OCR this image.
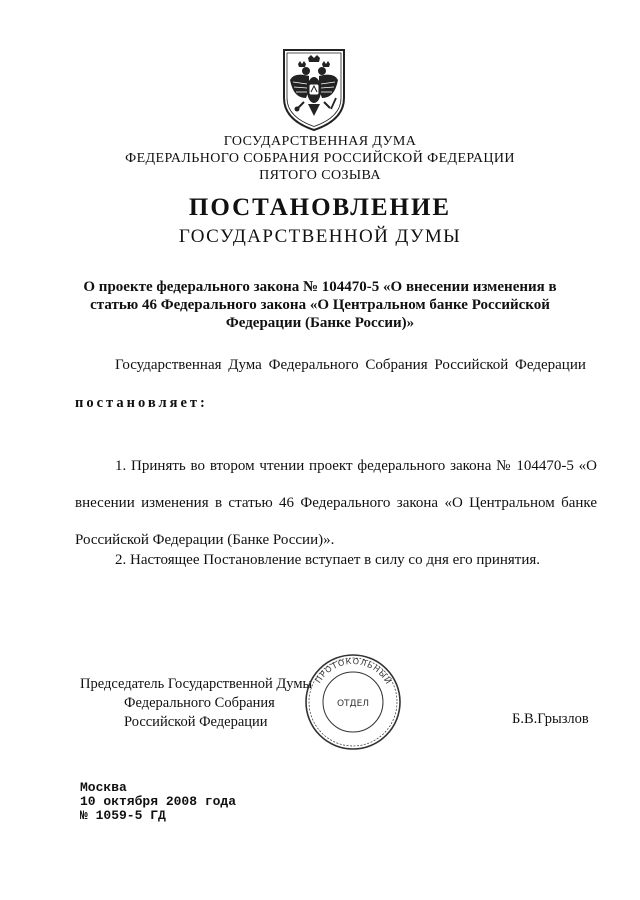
ГОСУДАРСТВЕННАЯ ДУМА
ФЕДЕРАЛЬНОГО СОБРАНИЯ РОССИЙСКОЙ ФЕДЕРАЦИИ
ПЯТОГО СОЗЫВА
ПОСТАНОВЛЕНИЕ
ГОСУДАРСТВЕННОЙ ДУМЫ
О проекте федерального закона № 104470-5 «О внесении изменения в статью 46 Федерального закона «О Центральном банке Российской Федерации (Банке России)»
Государственная Дума Федерального Собрания Российской Федерации
постановляет:
1. Принять во втором чтении проект федерального закона № 104470-5 «О внесении изменения в статью 46 Федерального закона «О Центральном банке Российской Федерации (Банке России)».
2. Настоящее Постановление вступает в силу со дня его принятия.
Председатель Государственной Думы
Федерального Собрания
Российской Федерации	Б.В.Грызлов
ПРОТОКОЛЬНЫЙ
ОТДЕЛ
Москва
10 октября 2008 года
№ 1059-5 ГД
